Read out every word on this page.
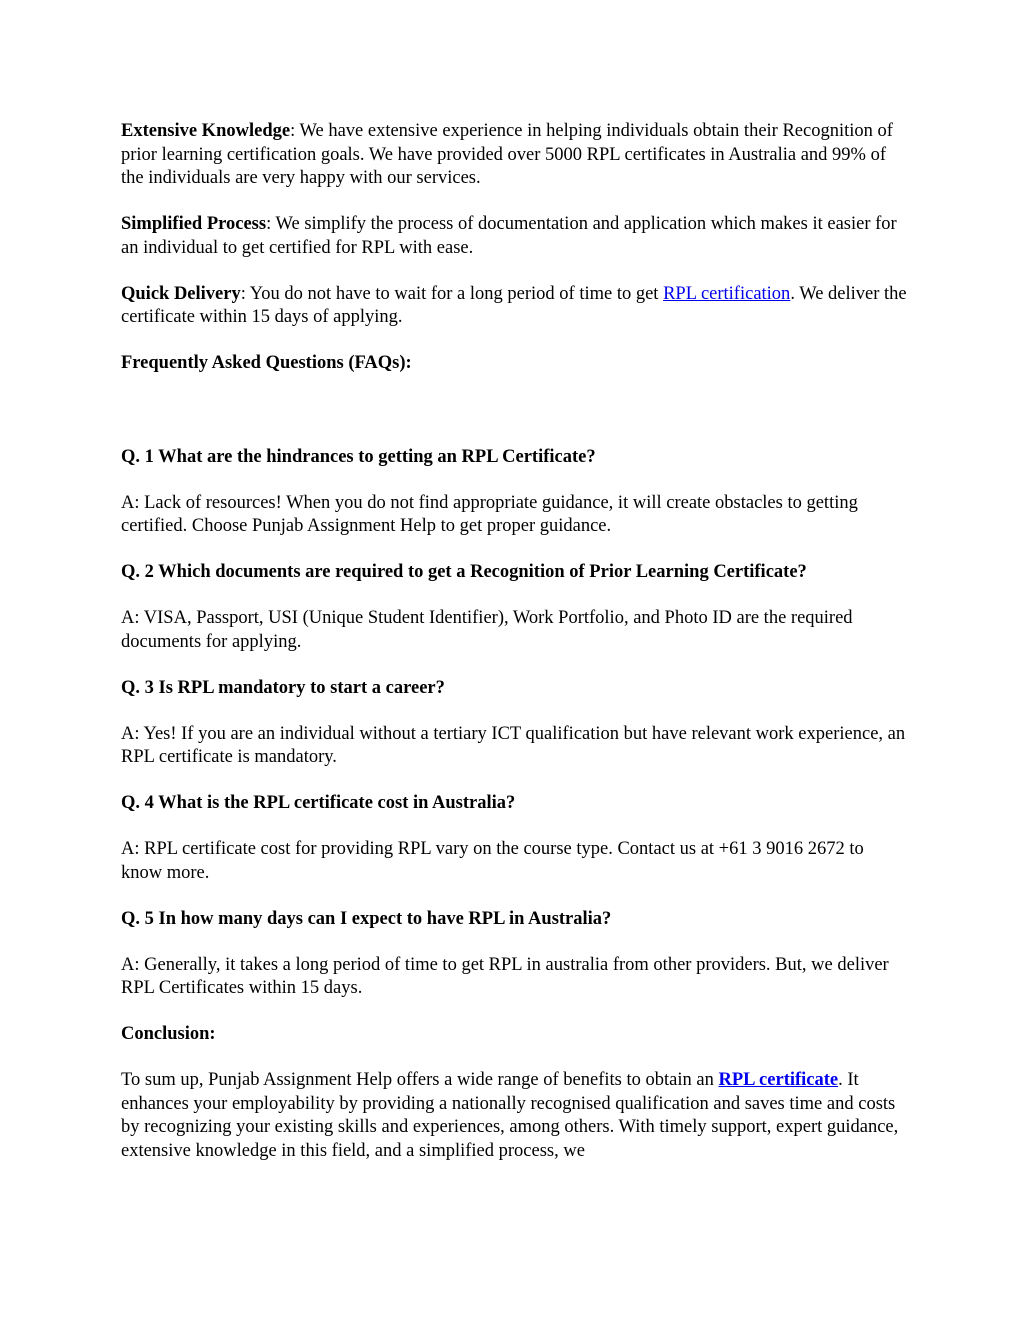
Extensive Knowledge: We have extensive experience in helping individuals obtain their Recognition of prior learning certification goals. We have provided over 5000 RPL certificates in Australia and 99% of the individuals are very happy with our services.

Simplified Process: We simplify the process of documentation and application which makes it easier for an individual to get certified for RPL with ease.

Quick Delivery: You do not have to wait for a long period of time to get RPL certification. We deliver the certificate within 15 days of applying.

Frequently Asked Questions (FAQs):

Q. 1 What are the hindrances to getting an RPL Certificate?

A: Lack of resources! When you do not find appropriate guidance, it will create obstacles to getting certified. Choose Punjab Assignment Help to get proper guidance.

Q. 2 Which documents are required to get a Recognition of Prior Learning Certificate?

A: VISA, Passport, USI (Unique Student Identifier), Work Portfolio, and Photo ID are the required documents for applying.

Q. 3 Is RPL mandatory to start a career?

A: Yes! If you are an individual without a tertiary ICT qualification but have relevant work experience, an RPL certificate is mandatory.

Q. 4 What is the RPL certificate cost in Australia?

A: RPL certificate cost for providing RPL vary on the course type. Contact us at +61 3 9016 2672 to know more.

Q. 5 In how many days can I expect to have RPL in Australia?

A: Generally, it takes a long period of time to get RPL in australia from other providers. But, we deliver RPL Certificates within 15 days.

Conclusion:

To sum up, Punjab Assignment Help offers a wide range of benefits to obtain an RPL certificate. It enhances your employability by providing a nationally recognised qualification and saves time and costs by recognizing your existing skills and experiences, among others. With timely support, expert guidance, extensive knowledge in this field, and a simplified process, we
